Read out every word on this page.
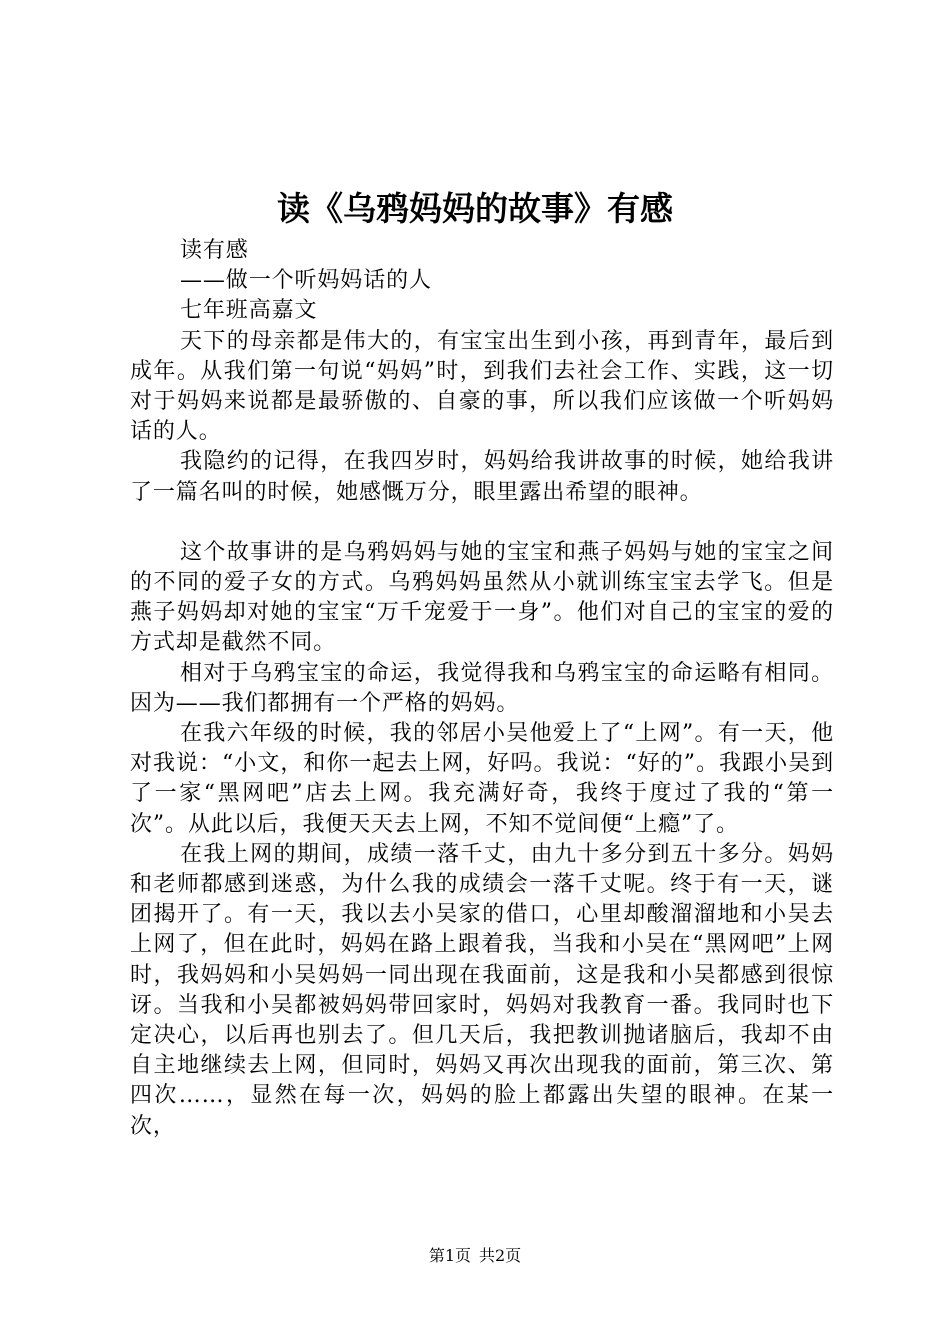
读《乌鸦妈妈的故事》有感

读有感

——做一个听妈妈话的人

七年班高嘉文

天下的母亲都是伟大的，有宝宝出生到小孩，再到青年，最后到成年。从我们第一句说“妈妈”时，到我们去社会工作、实践，这一切对于妈妈来说都是最骄傲的、自豪的事，所以我们应该做一个听妈妈话的人。

我隐约的记得，在我四岁时，妈妈给我讲故事的时候，她给我讲了一篇名叫的时候，她感慨万分，眼里露出希望的眼神。

这个故事讲的是乌鸦妈妈与她的宝宝和燕子妈妈与她的宝宝之间的不同的爱子女的方式。乌鸦妈妈虽然从小就训练宝宝去学飞。但是燕子妈妈却对她的宝宝“万千宠爱于一身”。他们对自己的宝宝的爱的方式却是截然不同。

相对于乌鸦宝宝的命运，我觉得我和乌鸦宝宝的命运略有相同。因为——我们都拥有一个严格的妈妈。

在我六年级的时候，我的邻居小吴他爱上了“上网”。有一天，他对我说：“小文，和你一起去上网，好吗。我说：“好的”。我跟小吴到了一家“黑网吧”店去上网。我充满好奇，我终于度过了我的“第一次”。从此以后，我便天天去上网，不知不觉间便“上瘾”了。

在我上网的期间，成绩一落千丈，由九十多分到五十多分。妈妈和老师都感到迷惑，为什么我的成绩会一落千丈呢。终于有一天，谜团揭开了。有一天，我以去小吴家的借口，心里却酸溜溜地和小吴去上网了，但在此时，妈妈在路上跟着我，当我和小吴在“黑网吧”上网时，我妈妈和小吴妈妈一同出现在我面前，这是我和小吴都感到很惊讶。当我和小吴都被妈妈带回家时，妈妈对我教育一番。我同时也下定决心，以后再也别去了。但几天后，我把教训抛诸脑后，我却不由自主地继续去上网，但同时，妈妈又再次出现我的面前，第三次、第四次……，显然在每一次，妈妈的脸上都露出失望的眼神。在某一次，

第1页 共2页
